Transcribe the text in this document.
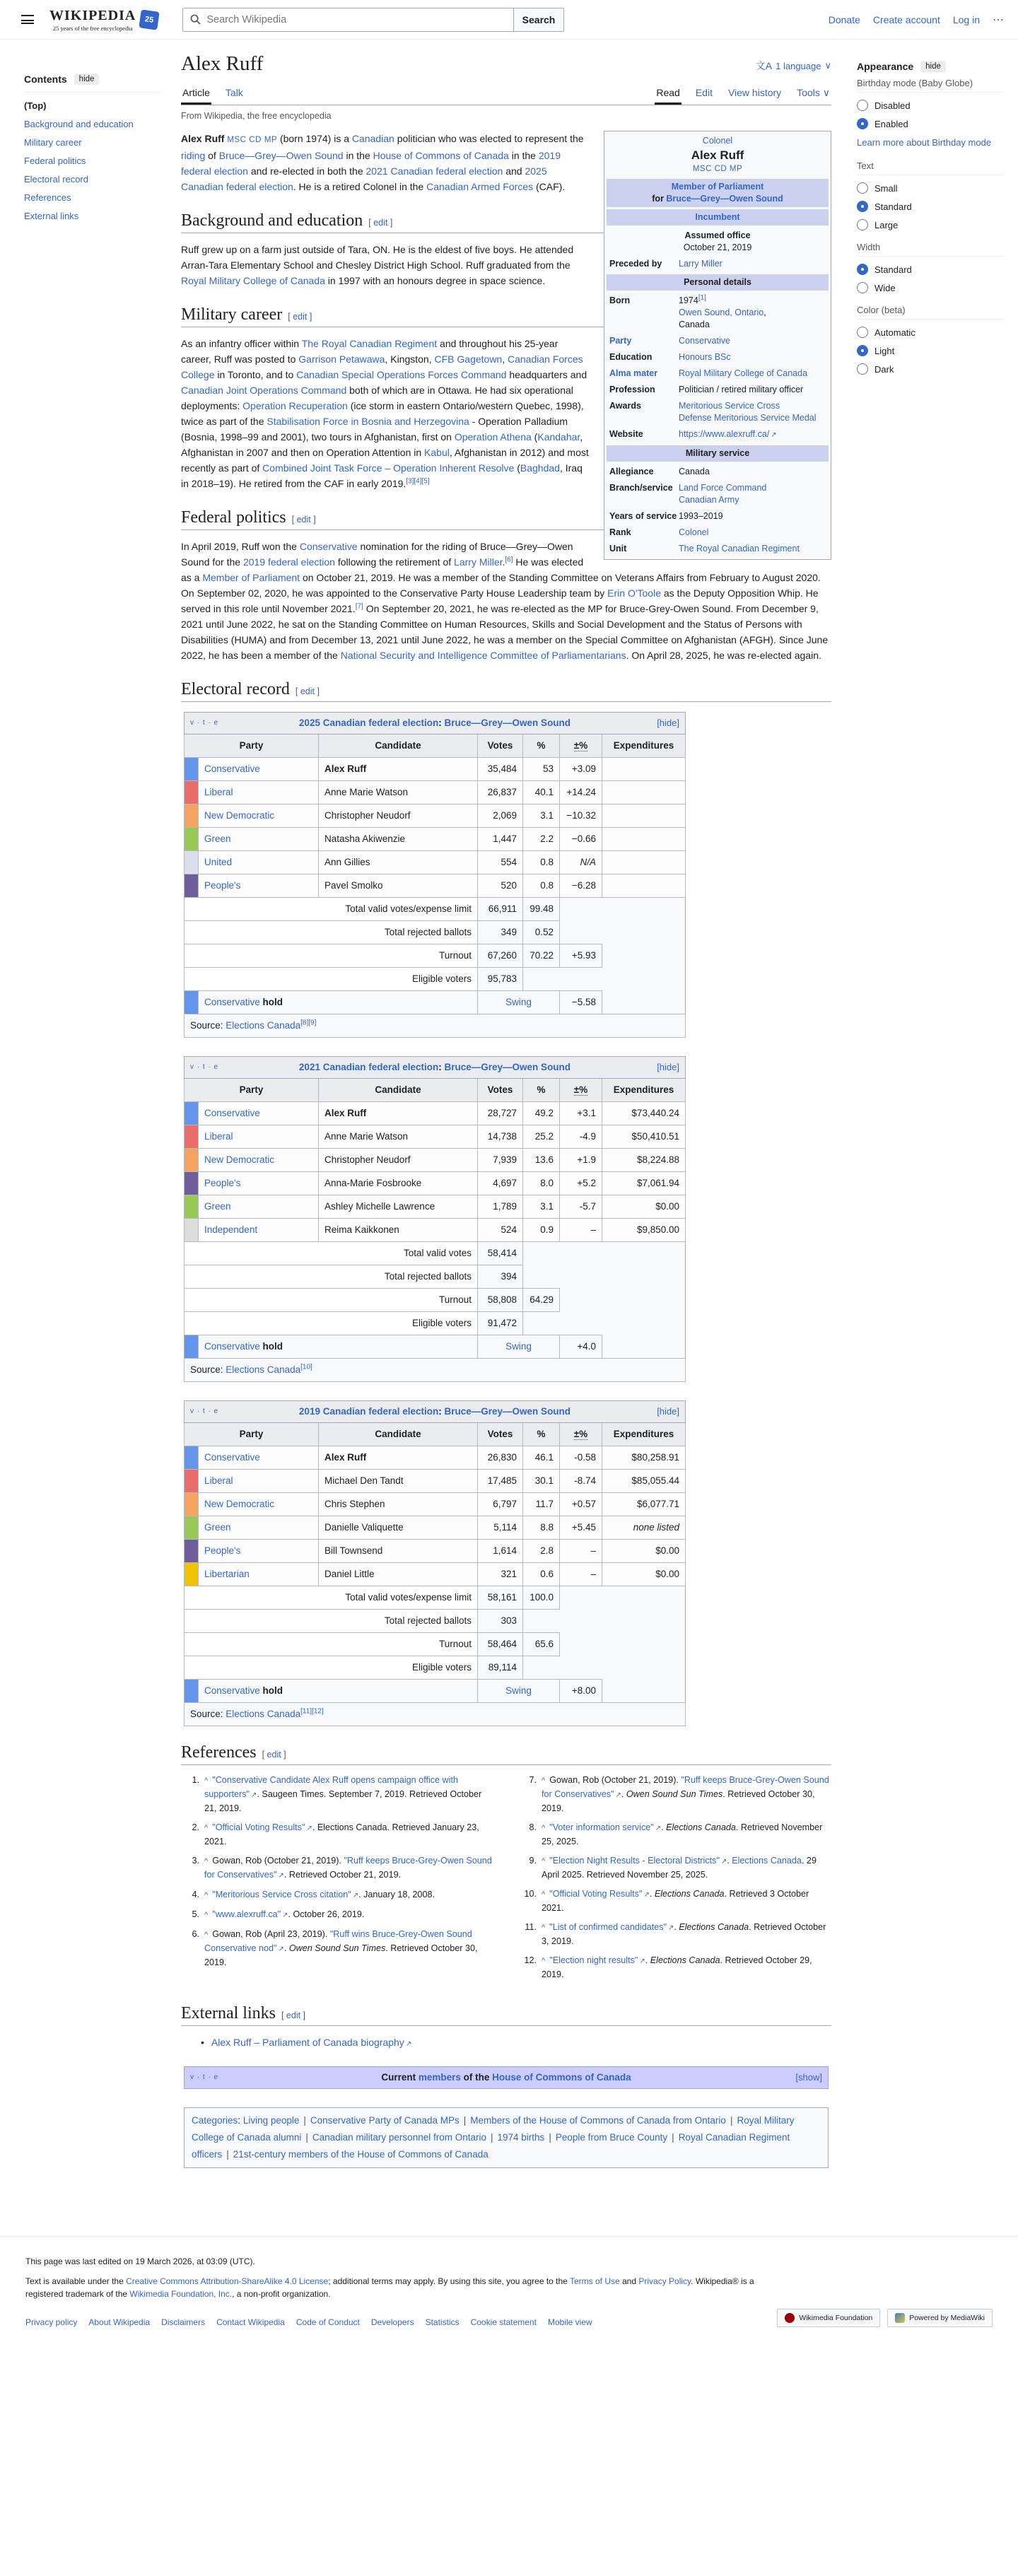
WIKIPEDIA
25 years of the free encyclopedia
25	Search Wikipedia	Search	Donate Create account Log in ⋯
Contents	hide
(Top)
Background and education
Military career
Federal politics
Electoral record
References
External links
Alex Ruff	文A 1 language ∨
Article Talk	Read Edit View history Tools ∨
From Wikipedia, the free encyclopedia
Colonel
Alex Ruff
MSC CD MP
Member of Parliament
for Bruce—Grey—Owen Sound
Incumbent
Assumed office
October 21, 2019
Preceded by	Larry Miller
Personal details
Born	1974[1]
Owen Sound, Ontario,
Canada
Party	Conservative
Education	Honours BSc
Alma mater	Royal Military College of Canada
Profession	Politician / retired military officer
Awards	Meritorious Service Cross
Defense Meritorious Service Medal
Website	https://www.alexruff.ca/ ↗
Military service
Allegiance	Canada
Branch/service Land Force Command
Canadian Army
Years of service 1993–2019
Rank	Colonel
Unit	The Royal Canadian Regiment

Alex Ruff MSC CD MP (born 1974) is a Canadian politician who was elected to represent the riding of Bruce—Grey—Owen Sound in the House of Commons of Canada in the 2019 federal election and re-elected in both the 2021 Canadian federal election and 2025 Canadian federal election. He is a retired Colonel in the Canadian Armed Forces (CAF).

Background and education [ edit ]

Ruff grew up on a farm just outside of Tara, ON. He is the eldest of five boys. He attended Arran-Tara Elementary School and Chesley District High School. Ruff graduated from the Royal Military College of Canada in 1997 with an honours degree in space science.

Military career [ edit ]

As an infantry officer within The Royal Canadian Regiment and throughout his 25-year career, Ruff was posted to Garrison Petawawa, Kingston, CFB Gagetown, Canadian Forces College in Toronto, and to Canadian Special Operations Forces Command headquarters and Canadian Joint Operations Command both of which are in Ottawa. He had six operational deployments: Operation Recuperation (ice storm in eastern Ontario/western Quebec, 1998), twice as part of the Stabilisation Force in Bosnia and Herzegovina - Operation Palladium (Bosnia, 1998–99 and 2001), two tours in Afghanistan, first on Operation Athena (Kandahar, Afghanistan in 2007 and then on Operation Attention in Kabul, Afghanistan in 2012) and most recently as part of Combined Joint Task Force – Operation Inherent Resolve (Baghdad, Iraq in 2018–19). He retired from the CAF in early 2019.[3][4][5]

Federal politics [ edit ]

In April 2019, Ruff won the Conservative nomination for the riding of Bruce—Grey—Owen Sound for the 2019 federal election following the retirement of Larry Miller.[6] He was elected as a Member of Parliament on October 21, 2019. He was a member of the Standing Committee on Veterans Affairs from February to August 2020. On September 02, 2020, he was appointed to the Conservative Party House Leadership team by Erin O'Toole as the Deputy Opposition Whip. He served in this role until November 2021.[7] On September 20, 2021, he was re-elected as the MP for Bruce-Grey-Owen Sound. From December 9, 2021 until June 2022, he sat on the Standing Committee on Human Resources, Skills and Social Development and the Status of Persons with Disabilities (HUMA) and from December 13, 2021 until June 2022, he was a member on the Special Committee on Afghanistan (AFGH). Since June 2022, he has been a member of the National Security and Intelligence Committee of Parliamentarians. On April 28, 2025, he was re-elected again.

Electoral record [ edit ]
v · t · e 2025 Canadian federal election: Bruce—Grey—Owen Sound [hide]						

Party		Candidate	Votes	%	±%	Expenditures
	Conservative	Alex Ruff	35,484	53	+3.09	
	Liberal	Anne Marie Watson	26,837	40.1	+14.24	
	New Democratic	Christopher Neudorf	2,069	3.1	−10.32	
	Green	Natasha Akiwenzie	1,447	2.2	−0.66	
	United	Ann Gillies	554	0.8	N/A	
	People's	Pavel Smolko	520	0.8	−6.28	
Total valid votes/expense limit			66,911	99.48		
Total rejected ballots			349	0.52		
Turnout			67,260	70.22	+5.93	
Eligible voters			95,783			
	Conservative hold		Swing		−5.58	
Source: Elections Canada[8][9]
v · t · e 2021 Canadian federal election: Bruce—Grey—Owen Sound [hide]						

Party		Candidate	Votes	%	±%	Expenditures
	Conservative	Alex Ruff	28,727	49.2	+3.1	$73,440.24
	Liberal	Anne Marie Watson	14,738	25.2	-4.9	$50,410.51
	New Democratic	Christopher Neudorf	7,939	13.6	+1.9	$8,224.88
	People's	Anna-Marie Fosbrooke	4,697	8.0	+5.2	$7,061.94
	Green	Ashley Michelle Lawrence	1,789	3.1	-5.7	$0.00
	Independent	Reima Kaikkonen	524	0.9	–	$9,850.00
Total valid votes			58,414			
Total rejected ballots			394			
Turnout			58,808	64.29		
Eligible voters			91,472			
	Conservative hold		Swing		+4.0	
Source: Elections Canada[10]
v · t · e 2019 Canadian federal election: Bruce—Grey—Owen Sound [hide]						

Party		Candidate	Votes	%	±%	Expenditures
	Conservative	Alex Ruff	26,830	46.1	-0.58	$80,258.91
	Liberal	Michael Den Tandt	17,485	30.1	-8.74	$85,055.44
	New Democratic	Chris Stephen	6,797	11.7	+0.57	$6,077.71
	Green	Danielle Valiquette	5,114	8.8	+5.45	none listed
	People's	Bill Townsend	1,614	2.8	–	$0.00
	Libertarian	Daniel Little	321	0.6	–	$0.00
Total valid votes/expense limit			58,161	100.0		
Total rejected ballots			303			
Turnout			58,464	65.6		
Eligible voters			89,114			
	Conservative hold		Swing		+8.00	
Source: Elections Canada[11][12]
References [ edit ]
1. ^ "Conservative Candidate Alex Ruff opens campaign office with supporters" ↗ . Saugeen Times. September 7, 2019. Retrieved October 21, 2019.
2. ^ "Official Voting Results" ↗ . Elections Canada. Retrieved January 23, 2021.
3. ^ Gowan, Rob (October 21, 2019). "Ruff keeps Bruce-Grey-Owen Sound for Conservatives" ↗ . Retrieved October 21, 2019.
4. ^ "Meritorious Service Cross citation" ↗ . January 18, 2008.
5. ^ "www.alexruff.ca" ↗ . October 26, 2019.
6. ^ Gowan, Rob (April 23, 2019). "Ruff wins Bruce-Grey-Owen Sound Conservative nod" ↗ . Owen Sound Sun Times. Retrieved October 30, 2019.
7. ^ Gowan, Rob (October 21, 2019). "Ruff keeps Bruce-Grey-Owen Sound for Conservatives" ↗ . Owen Sound Sun Times. Retrieved October 30, 2019.
8. ^ "Voter information service" ↗ . Elections Canada. Retrieved November 25, 2025.
9. ^ "Election Night Results - Electoral Districts" ↗ . Elections Canada. 29 April 2025. Retrieved November 25, 2025.
10. ^ "Official Voting Results" ↗ . Elections Canada. Retrieved 3 October 2021.
11. ^ "List of confirmed candidates" ↗ . Elections Canada. Retrieved October 3, 2019.
12. ^ "Election night results" ↗ . Elections Canada. Retrieved October 29, 2019.
External links [ edit ]
• Alex Ruff – Parliament of Canada biography ↗
v · t · e	Current members of the House of Commons of Canada	[show]
Categories: Living people | Conservative Party of Canada MPs | Members of the House of Commons of Canada from Ontario | Royal Military College of Canada alumni | Canadian military personnel from Ontario | 1974 births | People from Bruce County | Royal Canadian Regiment officers | 21st-century members of the House of Commons of Canada
Appearance	hide
Birthday mode (Baby Globe)
Disabled
Enabled
Learn more about Birthday mode
Text
Small
Standard
Large
Width
Standard
Wide
Color (beta)
Automatic
Light
Dark
This page was last edited on 19 March 2026, at 03:09 (UTC).
Text is available under the Creative Commons Attribution-ShareAlike 4.0 License; additional terms may apply. By using this site, you agree to the Terms of Use and Privacy Policy. Wikipedia® is a registered trademark of the Wikimedia Foundation, Inc., a non-profit organization.
Privacy policy About Wikipedia Disclaimers Contact Wikipedia Code of Conduct Developers Statistics Cookie statement Mobile view	Wikimedia Foundation	Powered by MediaWiki
